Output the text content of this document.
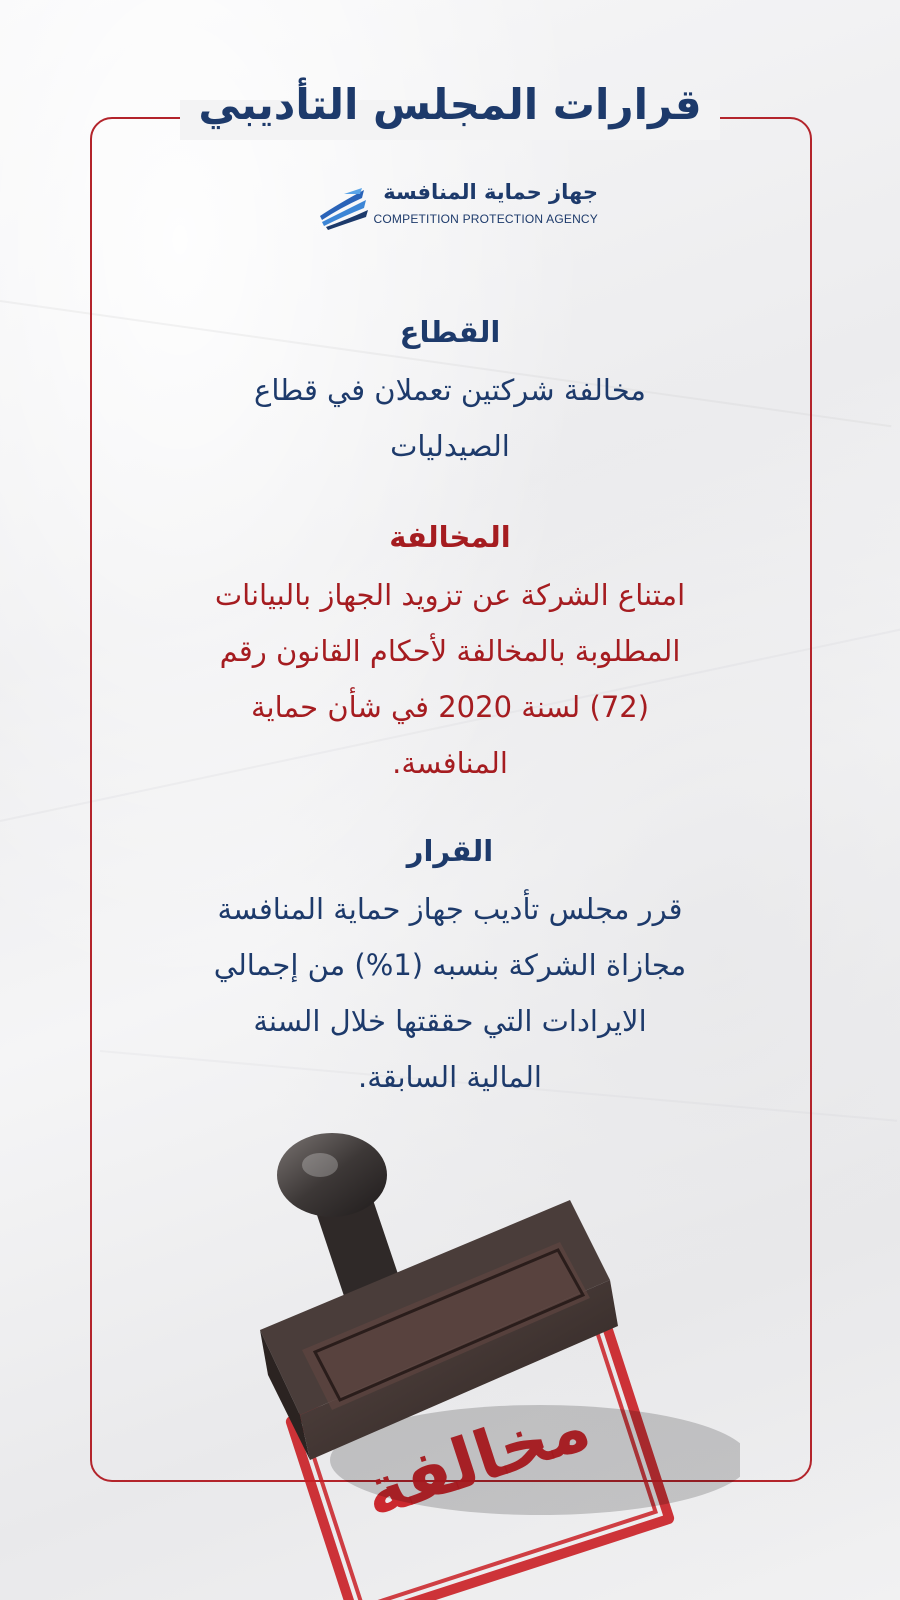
قرارات المجلس التأديبي
جهاز حماية المنافسة
COMPETITION PROTECTION AGENCY

القطاع

مخالفة شركتين تعملان في قطاع
الصيدليات

المخالفة

امتناع الشركة عن تزويد الجهاز بالبيانات
المطلوبة بالمخالفة لأحكام القانون رقم
(72) لسنة 2020 في شأن حماية
المنافسة.

القرار

قرر مجلس تأديب جهاز حماية المنافسة
مجازاة الشركة بنسبه (1%) من إجمالي
الايرادات التي حققتها خلال السنة
المالية السابقة.
